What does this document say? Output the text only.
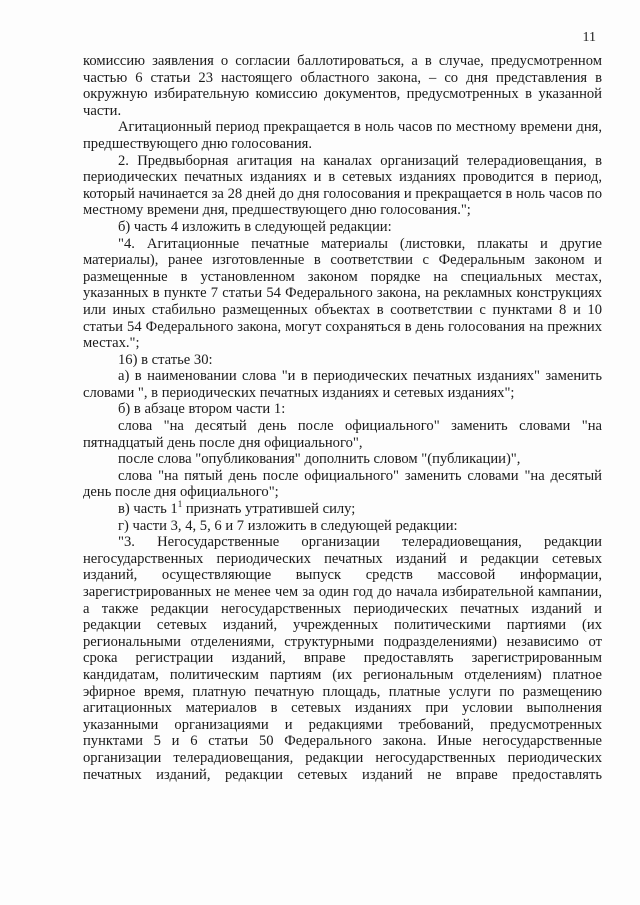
11

комиссию заявления о согласии баллотироваться, а в случае, предусмотренном частью 6 статьи 23 настоящего областного закона, – со дня представления в окружную избирательную комиссию документов, предусмотренных в указанной части.

Агитационный период прекращается в ноль часов по местному времени дня, предшествующего дню голосования.

2. Предвыборная агитация на каналах организаций телерадиовещания, в периодических печатных изданиях и в сетевых изданиях проводится в период, который начинается за 28 дней до дня голосования и прекращается в ноль часов по местному времени дня, предшествующего дню голосования.";

б) часть 4 изложить в следующей редакции:

"4. Агитационные печатные материалы (листовки, плакаты и другие материалы), ранее изготовленные в соответствии с Федеральным законом и размещенные в установленном законом порядке на специальных местах, указанных в пункте 7 статьи 54 Федерального закона, на рекламных конструкциях или иных стабильно размещенных объектах в соответствии с пунктами 8 и 10 статьи 54 Федерального закона, могут сохраняться в день голосования на прежних местах.";

16) в статье 30:

а) в наименовании слова "и в периодических печатных изданиях" заменить словами ", в периодических печатных изданиях и сетевых изданиях";

б) в абзаце втором части 1:

слова "на десятый день после официального" заменить словами "на пятнадцатый день после дня официального",

после слова "опубликования" дополнить словом "(публикации)",

слова "на пятый день после официального" заменить словами "на десятый день после дня официального";

в) часть $1^1$ признать утратившей силу;

г) части 3, 4, 5, 6 и 7 изложить в следующей редакции:

"3. Негосударственные организации телерадиовещания, редакции негосударственных периодических печатных изданий и редакции сетевых изданий, осуществляющие выпуск средств массовой информации, зарегистрированных не менее чем за один год до начала избирательной кампании, а также редакции негосударственных периодических печатных изданий и редакции сетевых изданий, учрежденных политическими партиями (их региональными отделениями, структурными подразделениями) независимо от срока регистрации изданий, вправе предоставлять зарегистрированным кандидатам, политическим партиям (их региональным отделениям) платное эфирное время, платную печатную площадь, платные услуги по размещению агитационных материалов в сетевых изданиях при условии выполнения указанными организациями и редакциями требований, предусмотренных пунктами 5 и 6 статьи 50 Федерального закона. Иные негосударственные организации телерадиовещания, редакции негосударственных периодических печатных изданий, редакции сетевых изданий не вправе предоставлять
